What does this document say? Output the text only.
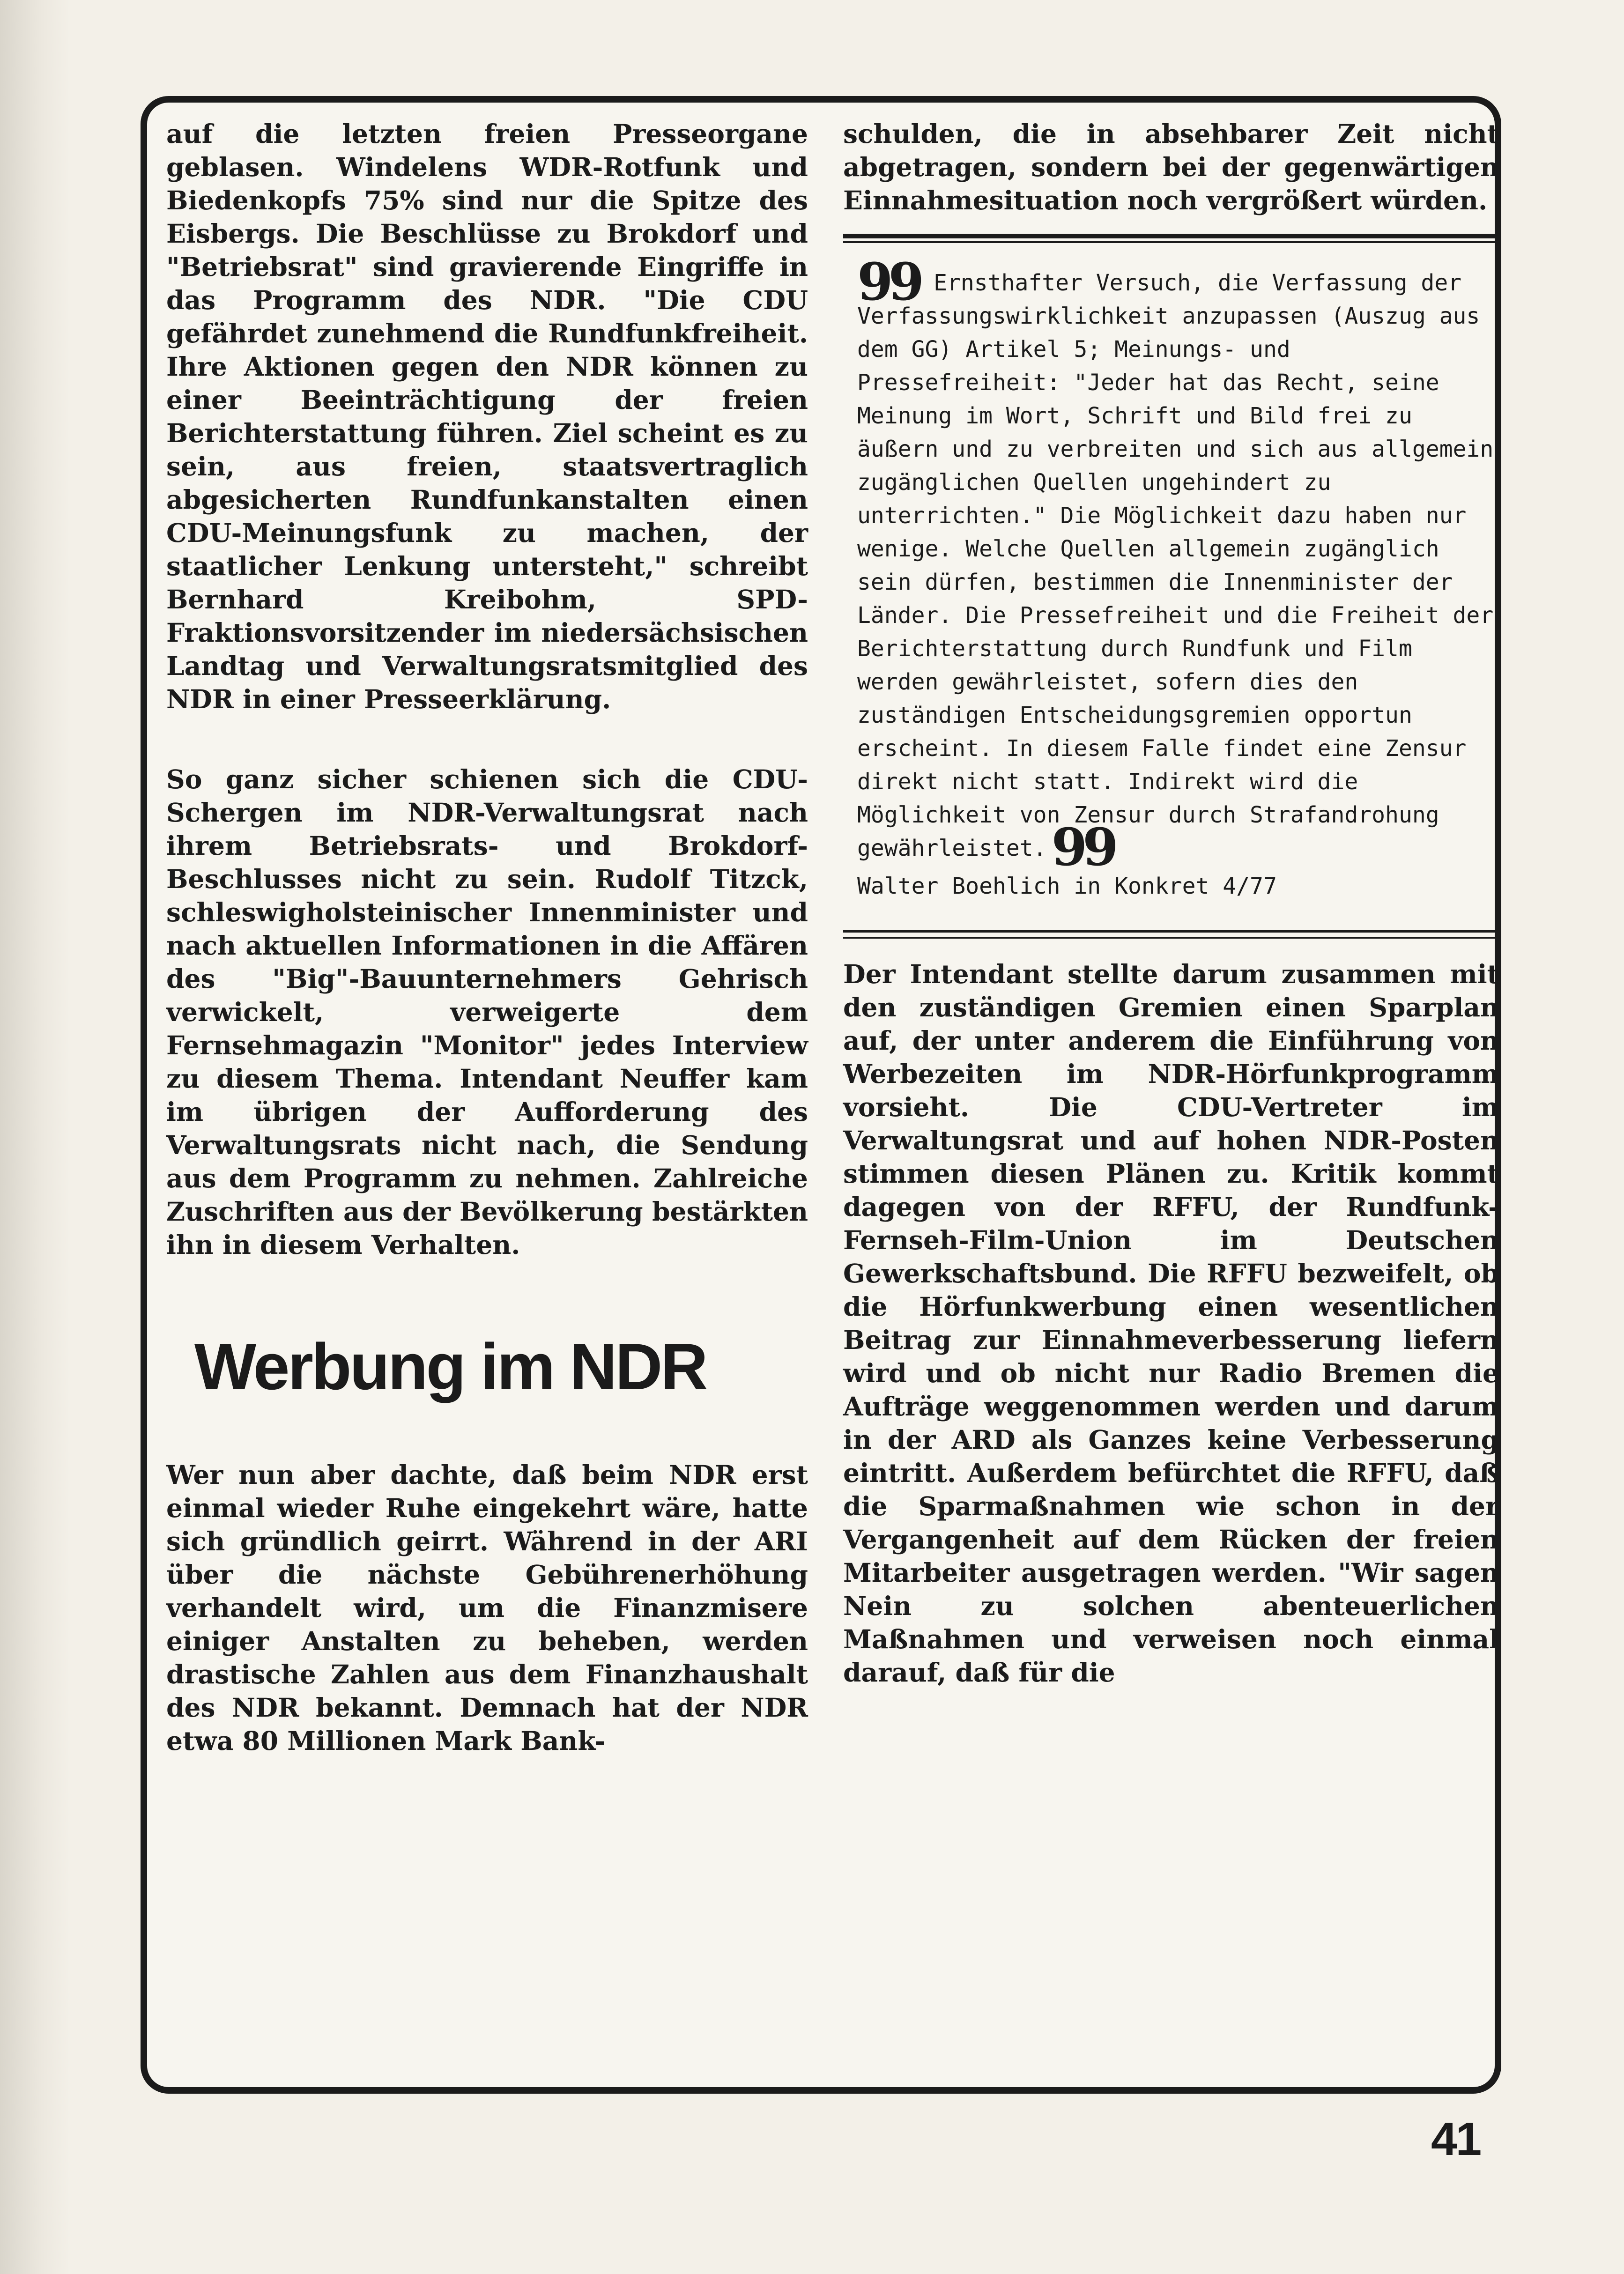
auf die letzten freien Presseorgane geblasen. Windelens WDR-Rotfunk und Biedenkopfs 75% sind nur die Spitze des Eisbergs. Die Beschlüsse zu Brokdorf und "Betriebsrat" sind gravierende Eingriffe in das Programm des NDR. "Die CDU gefährdet zunehmend die Rundfunkfreiheit. Ihre Aktionen gegen den NDR können zu einer Beeinträchtigung der freien Berichterstattung führen. Ziel scheint es zu sein, aus freien, staatsvertraglich abgesicherten Rundfunkanstalten einen CDU-Meinungsfunk zu machen, der staatlicher Lenkung untersteht," schreibt Bernhard Kreibohm, SPD-Fraktionsvorsitzender im niedersächsischen Landtag und Verwaltungsratsmitglied des NDR in einer Presseerklärung.

So ganz sicher schienen sich die CDU-Schergen im NDR-Verwaltungsrat nach ihrem Betriebsrats- und Brokdorf-Beschlusses nicht zu sein. Rudolf Titzck, schleswigholsteinischer Innenminister und nach aktuellen Informationen in die Affären des "Big"-Bauunternehmers Gehrisch verwickelt, verweigerte dem Fernsehmagazin "Monitor" jedes Interview zu diesem Thema. Intendant Neuffer kam im übrigen der Aufforderung des Verwaltungsrats nicht nach, die Sendung aus dem Programm zu nehmen. Zahlreiche Zuschriften aus der Bevölkerung bestärkten ihn in diesem Verhalten.

Werbung im NDR

Wer nun aber dachte, daß beim NDR erst einmal wieder Ruhe eingekehrt wäre, hatte sich gründlich geirrt. Während in der ARI über die nächste Gebührenerhöhung verhandelt wird, um die Finanzmisere einiger Anstalten zu beheben, werden drastische Zahlen aus dem Finanzhaushalt des NDR bekannt. Demnach hat der NDR etwa 80 Millionen Mark Bank-

schulden, die in absehbarer Zeit nicht abgetragen, sondern bei der gegenwärtigen Einnahmesituation noch vergrößert würden.

99 Ernsthafter Versuch, die Verfassung der Verfassungswirklichkeit anzupassen (Auszug aus dem GG) Artikel 5; Meinungs- und Pressefreiheit: "Jeder hat das Recht, seine Meinung im Wort, Schrift und Bild frei zu äußern und zu verbreiten und sich aus allgemein zugänglichen Quellen ungehindert zu unterrichten." Die Möglichkeit dazu haben nur wenige. Welche Quellen allgemein zugänglich sein dürfen, bestimmen die Innenminister der Länder. Die Pressefreiheit und die Freiheit der Berichterstattung durch Rundfunk und Film werden gewährleistet, sofern dies den zuständigen Entscheidungsgremien opportun erscheint. In diesem Falle findet eine Zensur direkt nicht statt. Indirekt wird die Möglichkeit von Zensur durch Strafandrohung gewährleistet.99

Walter Boehlich in Konkret 4/77

Der Intendant stellte darum zusammen mit den zuständigen Gremien einen Sparplan auf, der unter anderem die Einführung von Werbezeiten im NDR-Hörfunkprogramm vorsieht. Die CDU-Vertreter im Verwaltungsrat und auf hohen NDR-Posten stimmen diesen Plänen zu. Kritik kommt dagegen von der RFFU, der Rundfunk-Fernseh-Film-Union im Deutschen Gewerkschaftsbund. Die RFFU bezweifelt, ob die Hörfunkwerbung einen wesentlichen Beitrag zur Einnahmeverbesserung liefern wird und ob nicht nur Radio Bremen die Aufträge weggenommen werden und darum in der ARD als Ganzes keine Verbesserung eintritt. Außerdem befürchtet die RFFU, daß die Sparmaßnahmen wie schon in der Vergangenheit auf dem Rücken der freien Mitarbeiter ausgetragen werden. "Wir sagen Nein zu solchen abenteuerlichen Maßnahmen und verweisen noch einmal darauf, daß für die

41
